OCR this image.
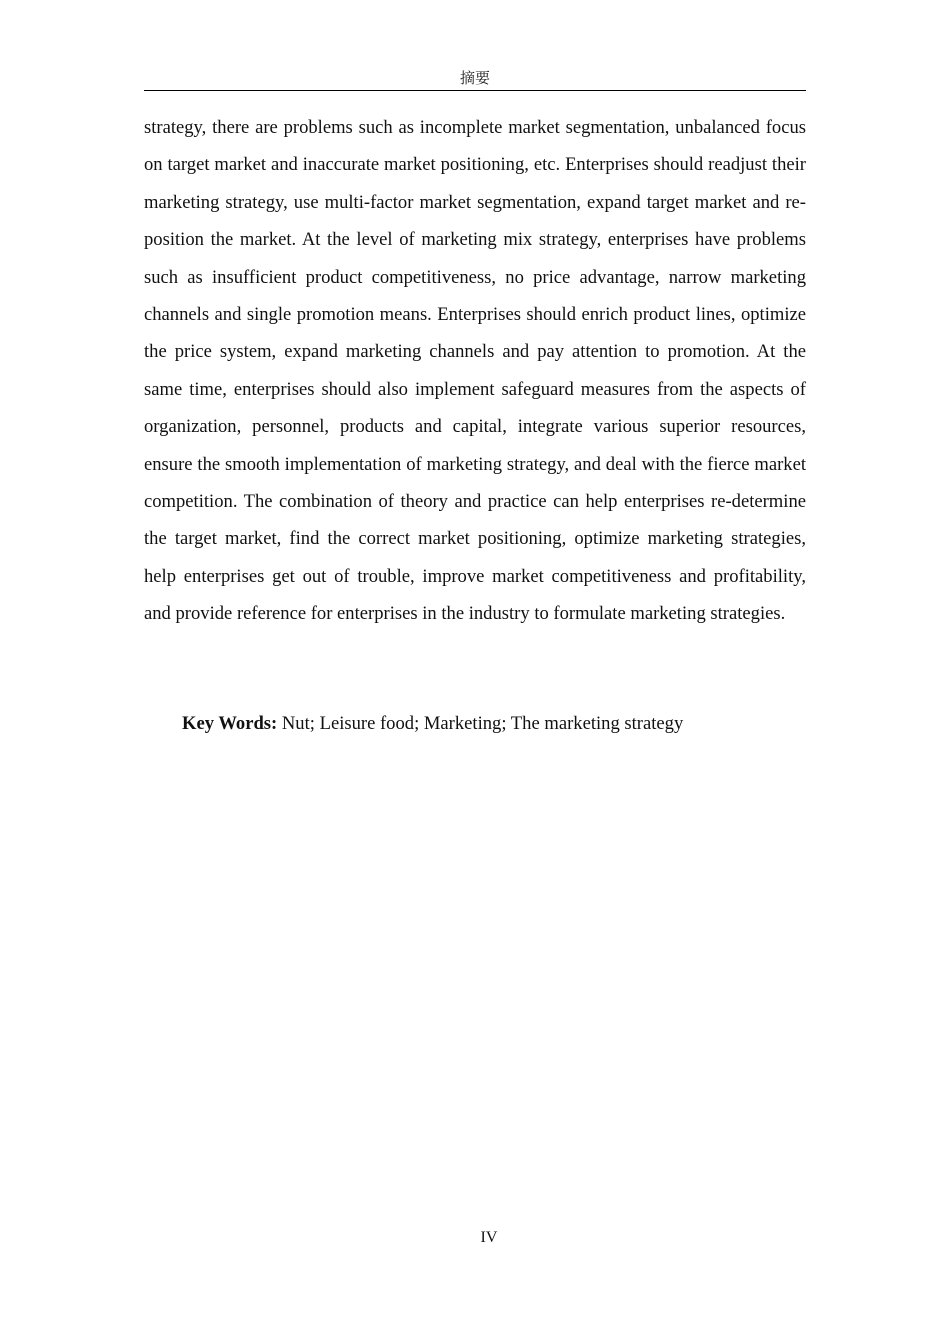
摘要

strategy, there are problems such as incomplete market segmentation, unbalanced focus on target market and inaccurate market positioning, etc. Enterprises should readjust their marketing strategy, use multi-factor market segmentation, expand target market and re-position the market. At the level of marketing mix strategy, enterprises have problems such as insufficient product competitiveness, no price advantage, narrow marketing channels and single promotion means. Enterprises should enrich product lines, optimize the price system, expand marketing channels and pay attention to promotion. At the same time, enterprises should also implement safeguard measures from the aspects of organization, personnel, products and capital, integrate various superior resources, ensure the smooth implementation of marketing strategy, and deal with the fierce market competition. The combination of theory and practice can help enterprises re-determine the target market, find the correct market positioning, optimize marketing strategies, help enterprises get out of trouble, improve market competitiveness and profitability, and provide reference for enterprises in the industry to formulate marketing strategies.

Key Words: Nut; Leisure food; Marketing; The marketing strategy

IV
